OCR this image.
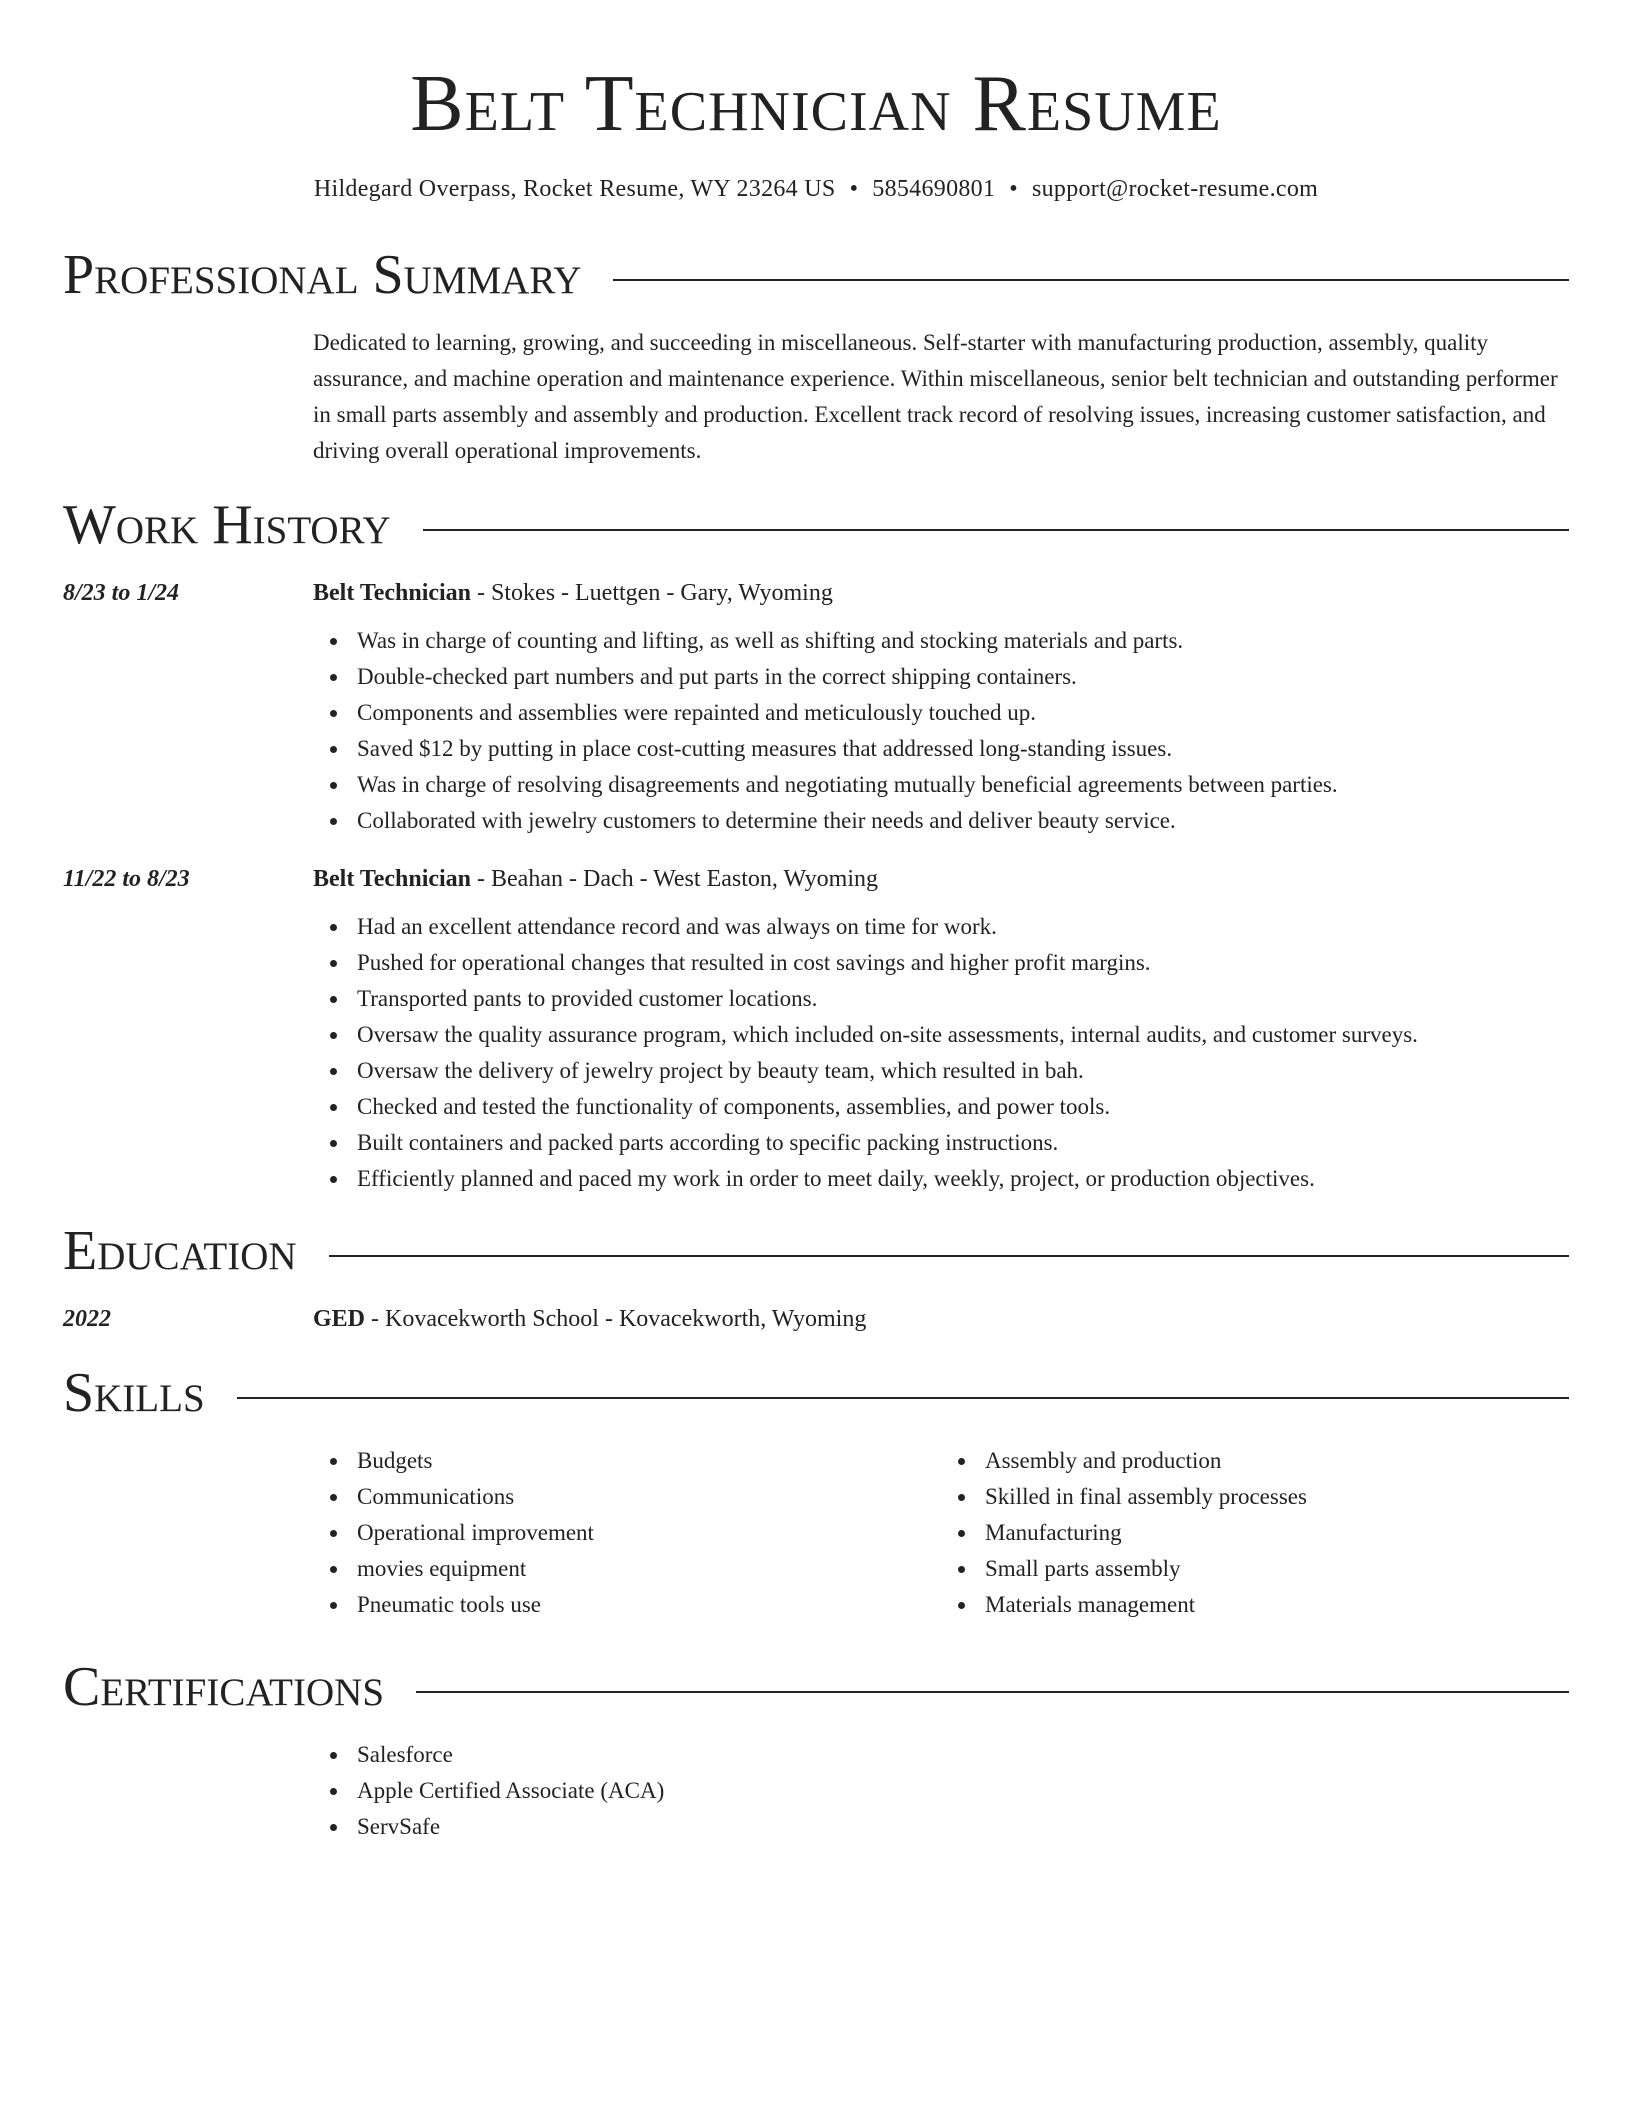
Belt Technician Resume
Hildegard Overpass, Rocket Resume, WY 23264 US • 5854690801 • support@rocket-resume.com
Professional Summary
Dedicated to learning, growing, and succeeding in miscellaneous. Self-starter with manufacturing production, assembly, quality assurance, and machine operation and maintenance experience. Within miscellaneous, senior belt technician and outstanding performer in small parts assembly and assembly and production. Excellent track record of resolving issues, increasing customer satisfaction, and driving overall operational improvements.
Work History
8/23 to 1/24	Belt Technician - Stokes - Luettgen - Gary, Wyoming
Was in charge of counting and lifting, as well as shifting and stocking materials and parts.
Double-checked part numbers and put parts in the correct shipping containers.
Components and assemblies were repainted and meticulously touched up.
Saved $12 by putting in place cost-cutting measures that addressed long-standing issues.
Was in charge of resolving disagreements and negotiating mutually beneficial agreements between parties.
Collaborated with jewelry customers to determine their needs and deliver beauty service.
11/22 to 8/23	Belt Technician - Beahan - Dach - West Easton, Wyoming
Had an excellent attendance record and was always on time for work.
Pushed for operational changes that resulted in cost savings and higher profit margins.
Transported pants to provided customer locations.
Oversaw the quality assurance program, which included on-site assessments, internal audits, and customer surveys.
Oversaw the delivery of jewelry project by beauty team, which resulted in bah.
Checked and tested the functionality of components, assemblies, and power tools.
Built containers and packed parts according to specific packing instructions.
Efficiently planned and paced my work in order to meet daily, weekly, project, or production objectives.
Education
2022	GED - Kovacekworth School - Kovacekworth, Wyoming
Skills
Budgets
Communications
Operational improvement
movies equipment
Pneumatic tools use
Assembly and production
Skilled in final assembly processes
Manufacturing
Small parts assembly
Materials management
Certifications
Salesforce
Apple Certified Associate (ACA)
ServSafe
